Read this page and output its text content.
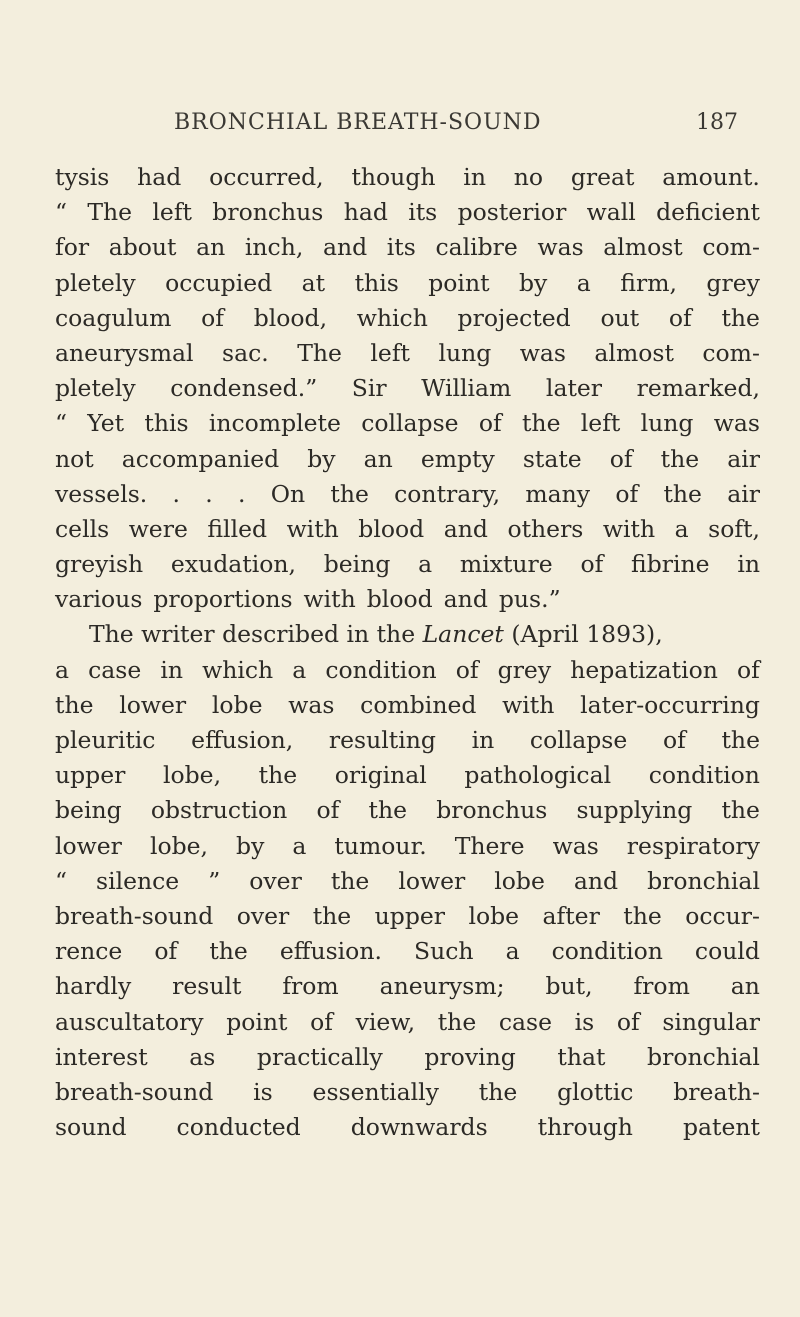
BRONCHIAL BREATH-SOUND	187
tysis had occurred, though in no great amount.
“ The left bronchus had its posterior wall deficient
for about an inch, and its calibre was almost com-
pletely occupied at this point by a firm, grey
coagulum of blood, which projected out of the
aneurysmal sac. The left lung was almost com-
pletely condensed.” Sir William later remarked,
“ Yet this incomplete collapse of the left lung was
not accompanied by an empty state of the air
vessels. . . . On the contrary, many of the air
cells were filled with blood and others with a soft,
greyish exudation, being a mixture of fibrine in
various proportions with blood and pus.”
The writer described in the Lancet (April 1893),
a case in which a condition of grey hepatization of
the lower lobe was combined with later-occurring
pleuritic effusion, resulting in collapse of the
upper lobe, the original pathological condition
being obstruction of the bronchus supplying the
lower lobe, by a tumour. There was respiratory
“ silence ” over the lower lobe and bronchial
breath-sound over the upper lobe after the occur-
rence of the effusion. Such a condition could
hardly result from aneurysm; but, from an
auscultatory point of view, the case is of singular
interest as practically proving that bronchial
breath-sound is essentially the glottic breath-
sound conducted downwards through patent
